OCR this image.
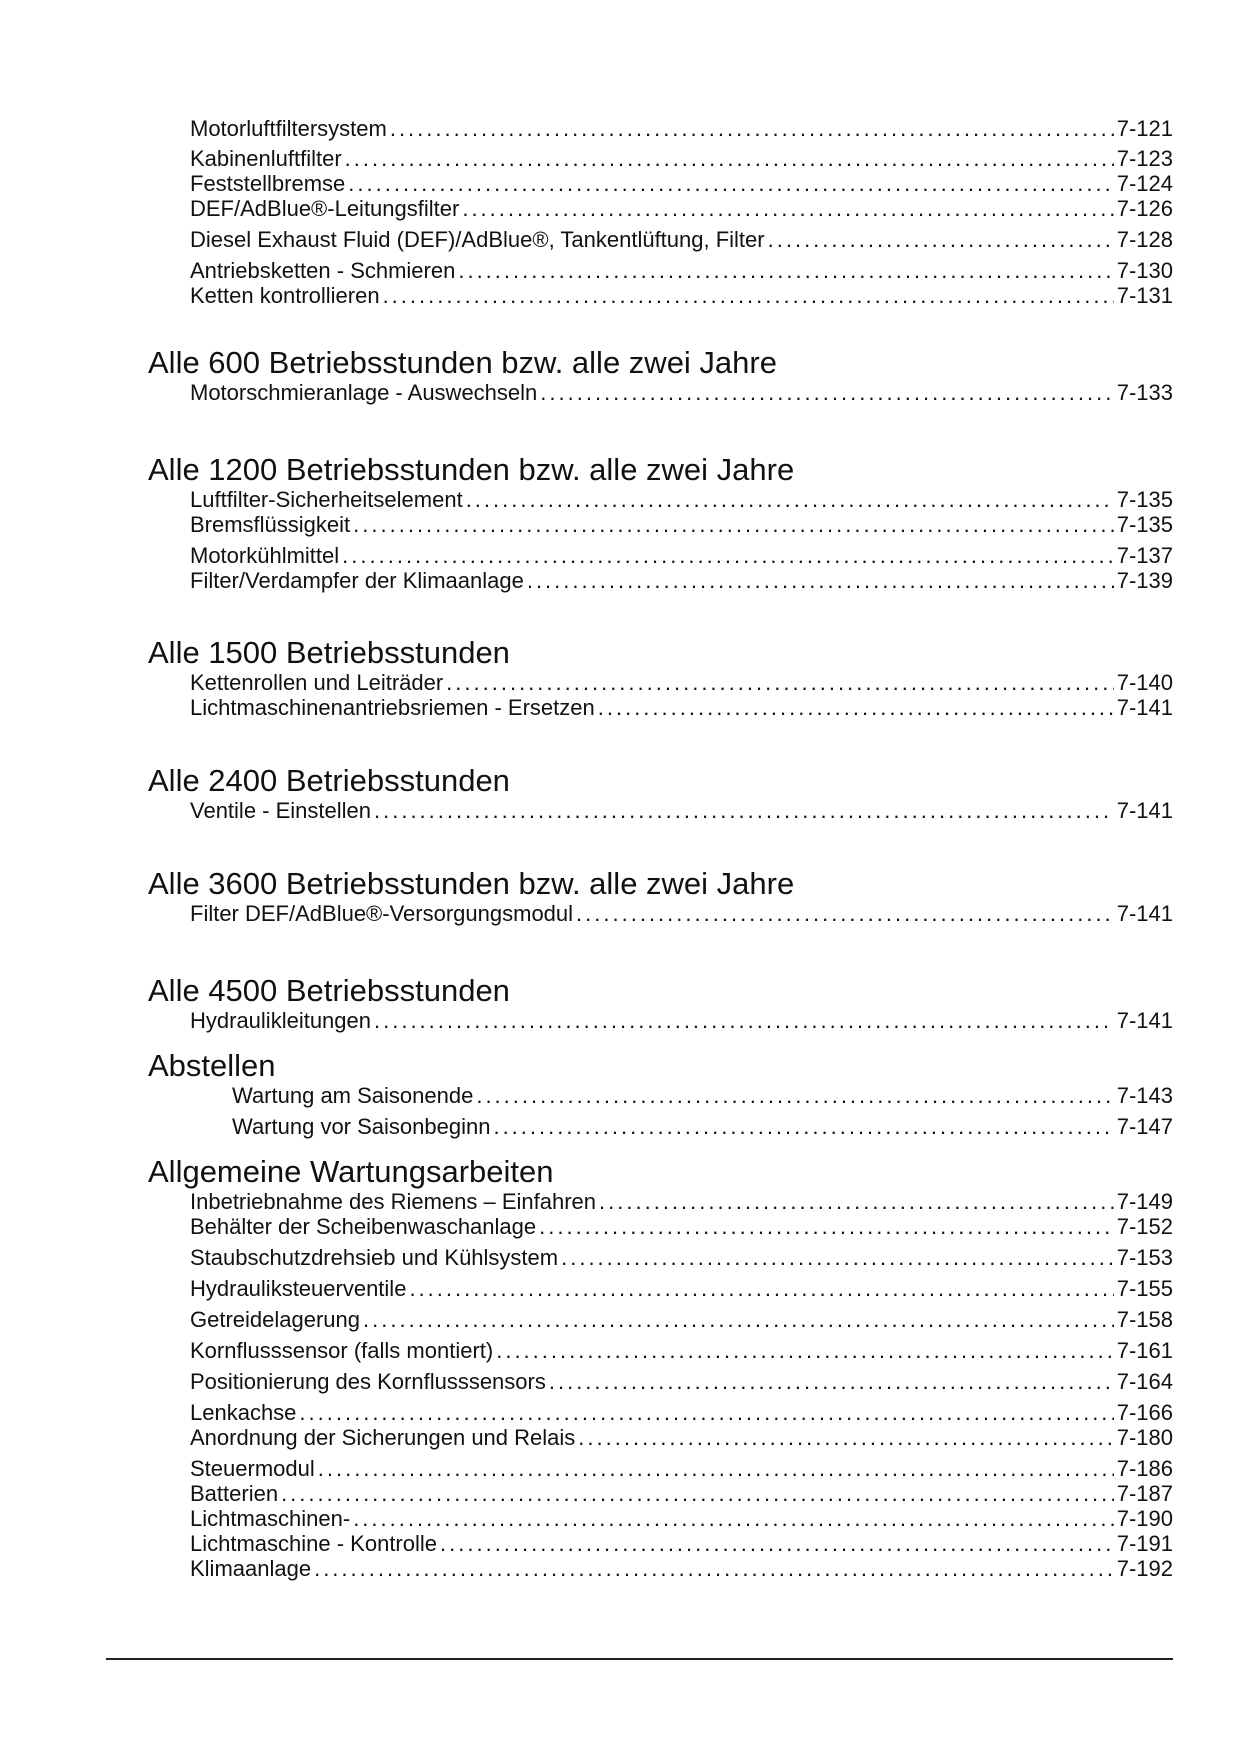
Motorluftfiltersystem .....	7-121
Kabinenluftfilter .....	7-123
Feststellbremse .....	7-124
DEF/AdBlue®-Leitungsfilter .....	7-126
Diesel Exhaust Fluid (DEF)/AdBlue®, Tankentlüftung, Filter .....	7-128
Antriebsketten - Schmieren .....	7-130
Ketten kontrollieren .....	7-131
Alle 600 Betriebsstunden bzw. alle zwei Jahre
Motorschmieranlage - Auswechseln .....	7-133
Alle 1200 Betriebsstunden bzw. alle zwei Jahre
Luftfilter-Sicherheitselement .....	7-135
Bremsflüssigkeit .....	7-135
Motorkühlmittel .....	7-137
Filter/Verdampfer der Klimaanlage .....	7-139
Alle 1500 Betriebsstunden
Kettenrollen und Leiträder .....	7-140
Lichtmaschinenantriebsriemen - Ersetzen .....	7-141
Alle 2400 Betriebsstunden
Ventile - Einstellen .....	7-141
Alle 3600 Betriebsstunden bzw. alle zwei Jahre
Filter DEF/AdBlue®-Versorgungsmodul .....	7-141
Alle 4500 Betriebsstunden
Hydraulikleitungen .....	7-141
Abstellen
Wartung am Saisonende .....	7-143
Wartung vor Saisonbeginn .....	7-147
Allgemeine Wartungsarbeiten
Inbetriebnahme des Riemens – Einfahren .....	7-149
Behälter der Scheibenwaschanlage .....	7-152
Staubschutzdrehsieb und Kühlsystem .....	7-153
Hydrauliksteuerventile .....	7-155
Getreidelagerung .....	7-158
Kornflusssensor (falls montiert) .....	7-161
Positionierung des Kornflusssensors .....	7-164
Lenkachse .....	7-166
Anordnung der Sicherungen und Relais .....	7-180
Steuermodul .....	7-186
Batterien .....	7-187
Lichtmaschinen- .....	7-190
Lichtmaschine - Kontrolle .....	7-191
Klimaanlage .....	7-192
